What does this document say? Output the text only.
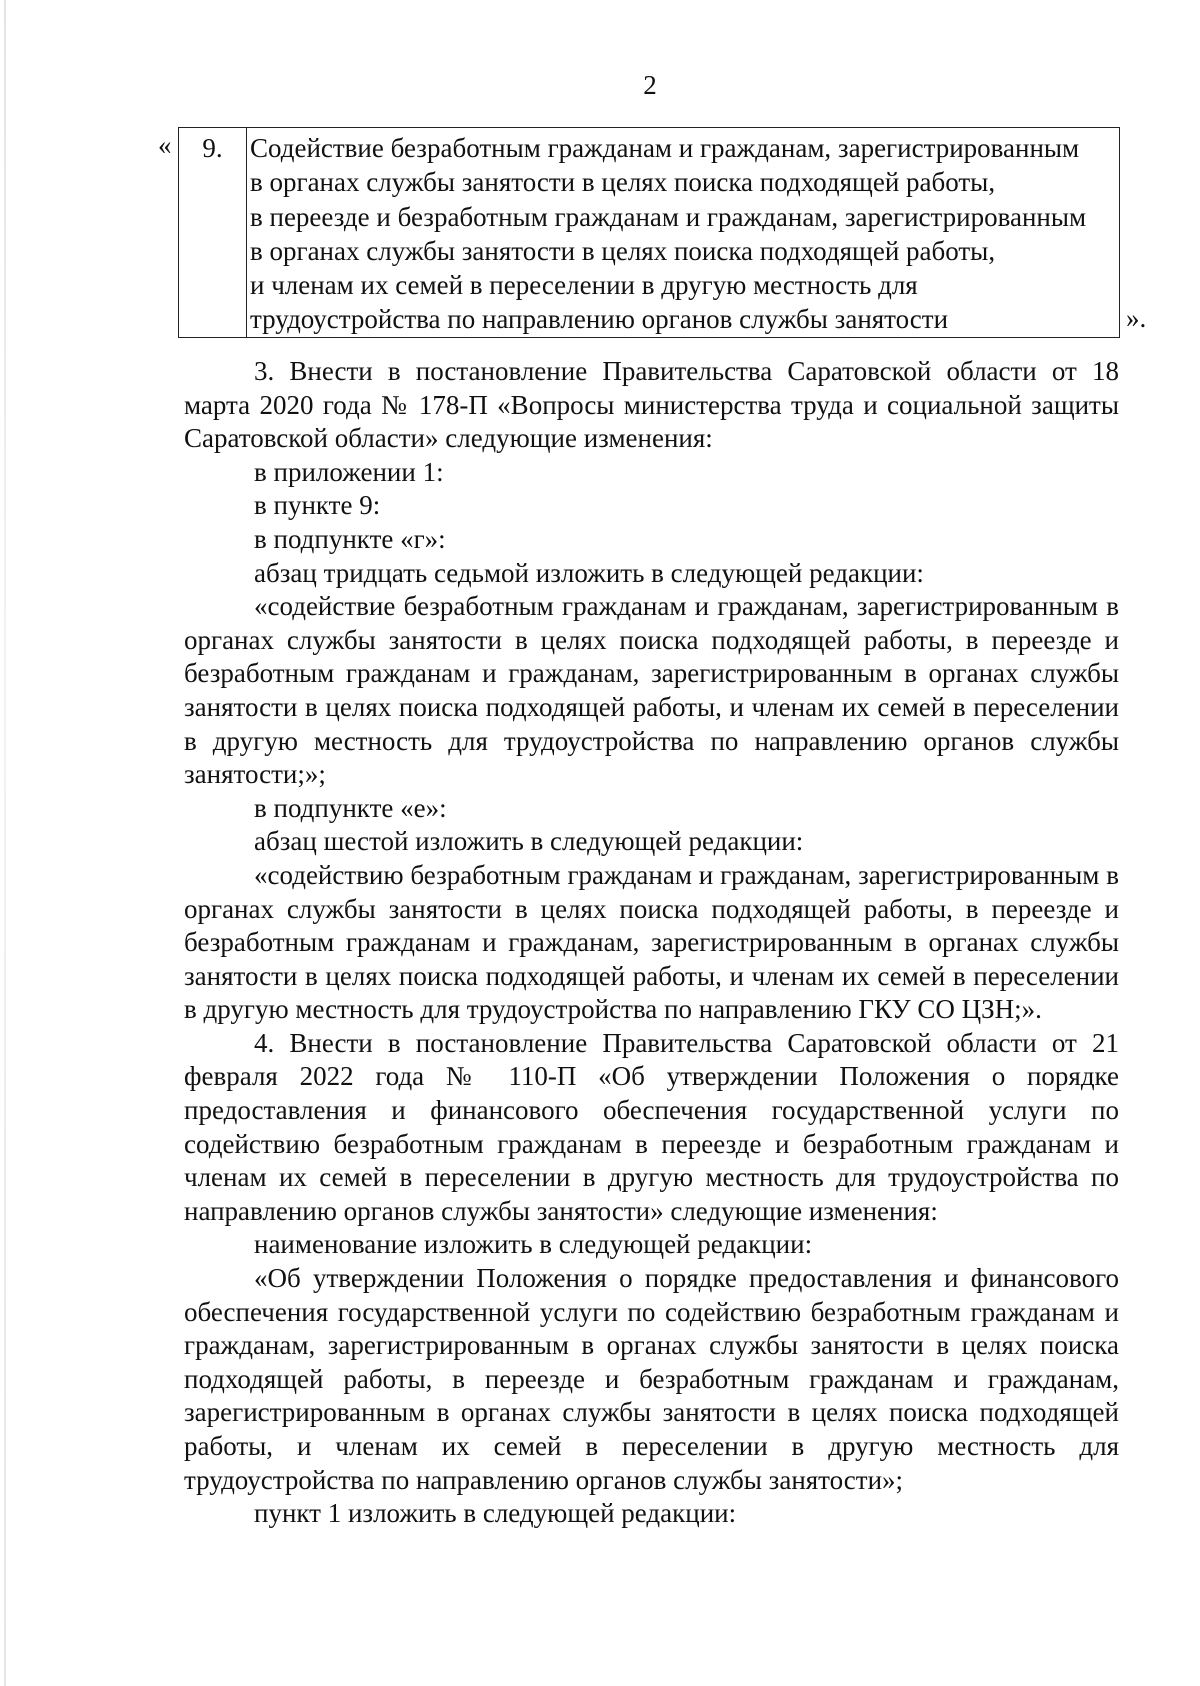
2
« 9.	Содействие безработным гражданам и гражданам, зарегистрированным
в органах службы занятости в целях поиска подходящей работы,
в переезде и безработным гражданам и гражданам, зарегистрированным
в органах службы занятости в целях поиска подходящей работы,
и членам их семей в переселении в другую местность для
трудоустройства по направлению органов службы занятости	».

3. Внести в постановление Правительства Саратовской области от 18 марта 2020 года № 178-П «Вопросы министерства труда и социальной защиты Саратовской области» следующие изменения:

в приложении 1:

в пункте 9:

в подпункте «г»:

абзац тридцать седьмой изложить в следующей редакции:

«содействие безработным гражданам и гражданам, зарегистрированным в органах службы занятости в целях поиска подходящей работы, в переезде и безработным гражданам и гражданам, зарегистрированным в органах службы занятости в целях поиска подходящей работы, и членам их семей в переселении в другую местность для трудоустройства по направлению органов службы занятости;»;

в подпункте «е»:

абзац шестой изложить в следующей редакции:

«содействию безработным гражданам и гражданам, зарегистрированным в органах службы занятости в целях поиска подходящей работы, в переезде и безработным гражданам и гражданам, зарегистрированным в органах службы занятости в целях поиска подходящей работы, и членам их семей в переселении в другую местность для трудоустройства по направлению ГКУ СО ЦЗН;».

4. Внести в постановление Правительства Саратовской области от 21 февраля 2022 года № 110-П «Об утверждении Положения о порядке предоставления и финансового обеспечения государственной услуги по содействию безработным гражданам в переезде и безработным гражданам и членам их семей в переселении в другую местность для трудоустройства по направлению органов службы занятости» следующие изменения:

наименование изложить в следующей редакции:

«Об утверждении Положения о порядке предоставления и финансового обеспечения государственной услуги по содействию безработным гражданам и гражданам, зарегистрированным в органах службы занятости в целях поиска подходящей работы, в переезде и безработным гражданам и гражданам, зарегистрированным в органах службы занятости в целях поиска подходящей работы, и членам их семей в переселении в другую местность для трудоустройства по направлению органов службы занятости»;

пункт 1 изложить в следующей редакции:
